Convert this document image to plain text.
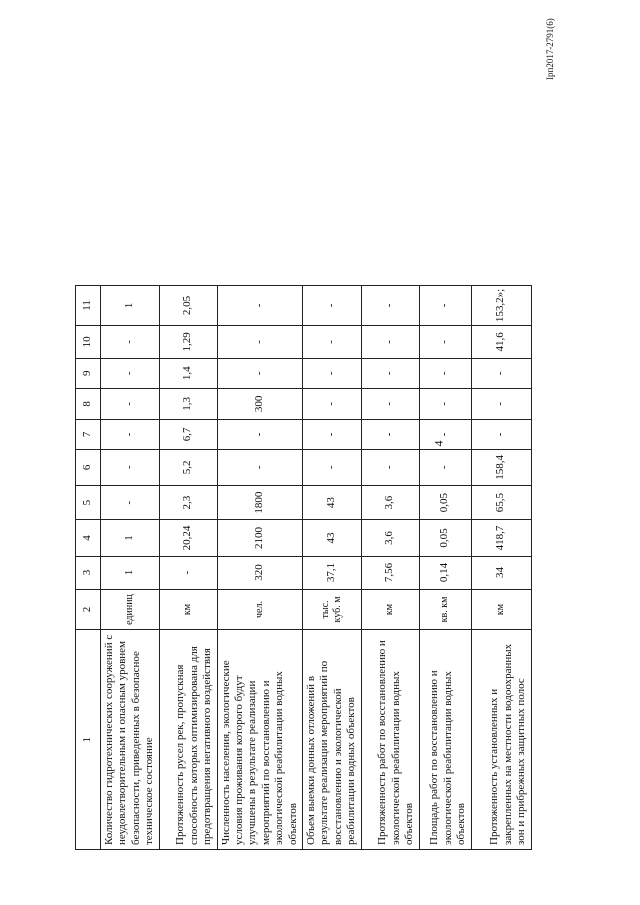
4
Ірп2017-2791(6)
1	2	3	4	5	6	7	8	9	10	11
Количество гидротехнических сооружений с неудовлетворительным и опасным уровнем безопасности, приведенных в безопасное техническое состояние	единиц	1	1	-	-	-	-	-	-	1
Протяженность русел рек, пропускная способность которых оптимизирована для предотвращения негативного воздействия	км	-	20,24	2,3	5,2	6,7	1,3	1,4	1,29	2,05
Численность населения, экологические условия проживания которого будут улучшены в результате реализации мероприятий по восстановлению и экологической реабилитации водных объектов	чел.	320	2100	1800	-	-	300	-	-	-
Объем выемки донных отложений в результате реализации мероприятий по восстановлению и экологической реабилитации водных объектов	тыс. куб. м	37,1	43	43	-	-	-	-	-	-
Протяженность работ по восстановлению и экологической реабилитации водных объектов	км	7,56	3,6	3,6	-	-	-	-	-	-
Площадь работ по восстановлению и экологической реабилитации водных объектов	кв. км	0,14	0,05	0,05	-	-	-	-	-	-
Протяженность установленных и закрепленных на местности водоохранных зон и прибрежных защитных полос	км	34	418,7	65,5	158,4	-	-	-	41,6	153,2»;
